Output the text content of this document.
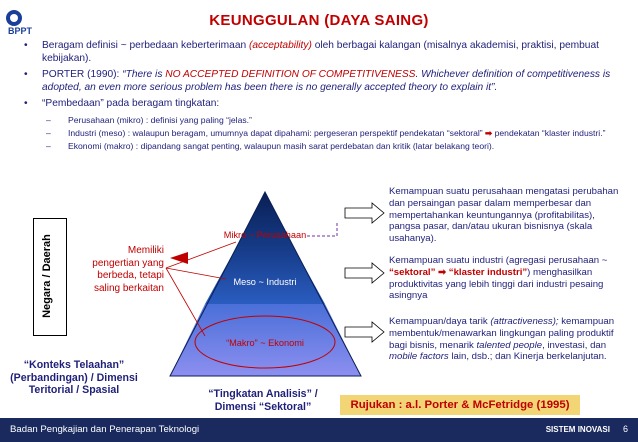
BPPT
KEUNGGULAN (DAYA SAING)
• Beragam definisi ~ perbedaan keberterimaan (acceptability) oleh berbagai kalangan (misalnya akademisi, praktisi, pembuat kebijakan).
• PORTER (1990): “There is NO ACCEPTED DEFINITION OF COMPETITIVENESS. Whichever definition of competitiveness is adopted, an even more serious problem has been there is no generally accepted theory to explain it”.
• “Pembedaan” pada beragam tingkatan:
– Perusahaan (mikro) : definisi yang paling “jelas.”
– Industri (meso) : walaupun beragam, umumnya dapat dipahami: pergeseran perspektif pendekatan “sektoral” ➡ pendekatan “klaster industri.”
– Ekonomi (makro) : dipandang sangat penting, walaupun masih sarat perdebatan dan kritik (latar belakang teori).
Mikro ~ Perusahaan
Meso ~ Industri
“Makro” ~ Ekonomi
Negara / Daerah	Memiliki pengertian yang berbeda, tetapi saling berkaitan
“Konteks Telaahan” (Perbandingan) / Dimensi Teritorial / Spasial	“Tingkatan Analisis” / Dimensi “Sektoral”	Rujukan : a.l. Porter & McFetridge (1995)
Kemampuan suatu perusahaan mengatasi perubahan dan persaingan pasar dalam memperbesar dan mempertahankan keuntungannya (profitabilitas), pangsa pasar, dan/atau ukuran bisnisnya (skala usahanya).
Kemampuan suatu industri (agregasi perusahaan ~ “sektoral” ➡ “klaster industri”) menghasilkan produktivitas yang lebih tinggi dari industri pesaing asingnya
Kemampuan/daya tarik (attractiveness); kemampuan membentuk/menawarkan lingkungan paling produktif bagi bisnis, menarik talented people, investasi, dan mobile factors lain, dsb.; dan Kinerja berkelanjutan.
Badan Pengkajian dan Penerapan Teknologi	SISTEM INOVASI 6
